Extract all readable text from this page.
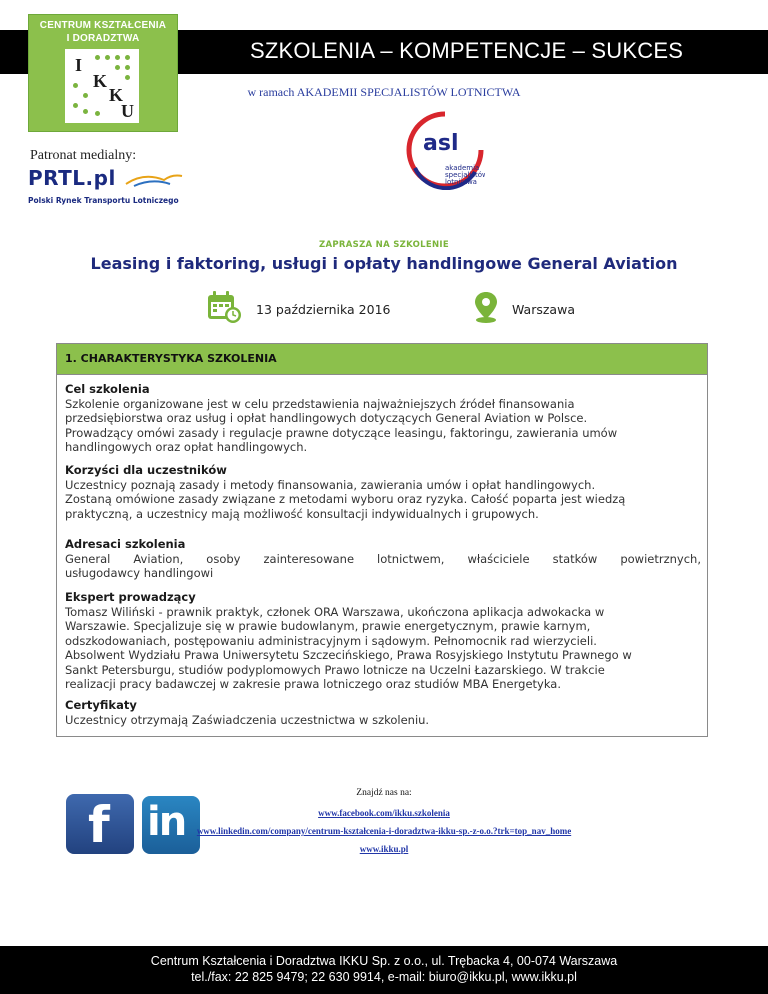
SZKOLENIA – KOMPETENCJE – SUKCES
CENTRUM KSZTAŁCENIA
I DORADZTWA
I
K
K
U
w ramach AKADEMII SPECJALISTÓW LOTNICTWA
asl
akademia
specjalistów
lotnictwa
Patronat medialny:
PRTL.pl
Polski Rynek Transportu Lotniczego
ZAPRASZA NA SZKOLENIE
Leasing i faktoring, usługi i opłaty handlingowe General Aviation
13 października 2016	Warszawa
1. CHARAKTERYSTYKA SZKOLENIA
Cel szkolenia

Szkolenie organizowane jest w celu przedstawienia najważniejszych źródeł finansowania

przedsiębiorstwa oraz usług i opłat handlingowych dotyczących General Aviation w Polsce.

Prowadzący omówi zasady i regulacje prawne dotyczące leasingu, faktoringu, zawierania umów

handlingowych oraz opłat handlingowych.

Korzyści dla uczestników

Uczestnicy poznają zasady i metody finansowania, zawierania umów i opłat handlingowych.

Zostaną omówione zasady związane z metodami wyboru oraz ryzyka. Całość poparta jest wiedzą

praktyczną, a uczestnicy mają możliwość konsultacji indywidualnych i grupowych.

Adresaci szkolenia

General Aviation, osoby zainteresowane lotnictwem, właściciele statków powietrznych,

usługodawcy handlingowi

Ekspert prowadzący

Tomasz Wiliński - prawnik praktyk, członek ORA Warszawa, ukończona aplikacja adwokacka w

Warszawie. Specjalizuje się w prawie budowlanym, prawie energetycznym, prawie karnym,

odszkodowaniach, postępowaniu administracyjnym i sądowym. Pełnomocnik rad wierzycieli.

Absolwent Wydziału Prawa Uniwersytetu Szczecińskiego, Prawa Rosyjskiego Instytutu Prawnego w

Sankt Petersburgu, studiów podyplomowych Prawo lotnicze na Uczelni Łazarskiego. W trakcie

realizacji pracy badawczej w zakresie prawa lotniczego oraz studiów MBA Energetyka.

Certyfikaty

Uczestnicy otrzymają Zaświadczenia uczestnictwa w szkoleniu.

f in
Znajdź nas na:
www.facebook.com/ikku.szkolenia
www.linkedin.com/company/centrum-kształcenia-i-doradztwa-ikku-sp.-z-o.o.?trk=top_nav_home
www.ikku.pl
Centrum Kształcenia i Doradztwa IKKU Sp. z o.o., ul. Trębacka 4, 00-074 Warszawa
tel./fax: 22 825 9479; 22 630 9914, e-mail: biuro@ikku.pl, www.ikku.pl
